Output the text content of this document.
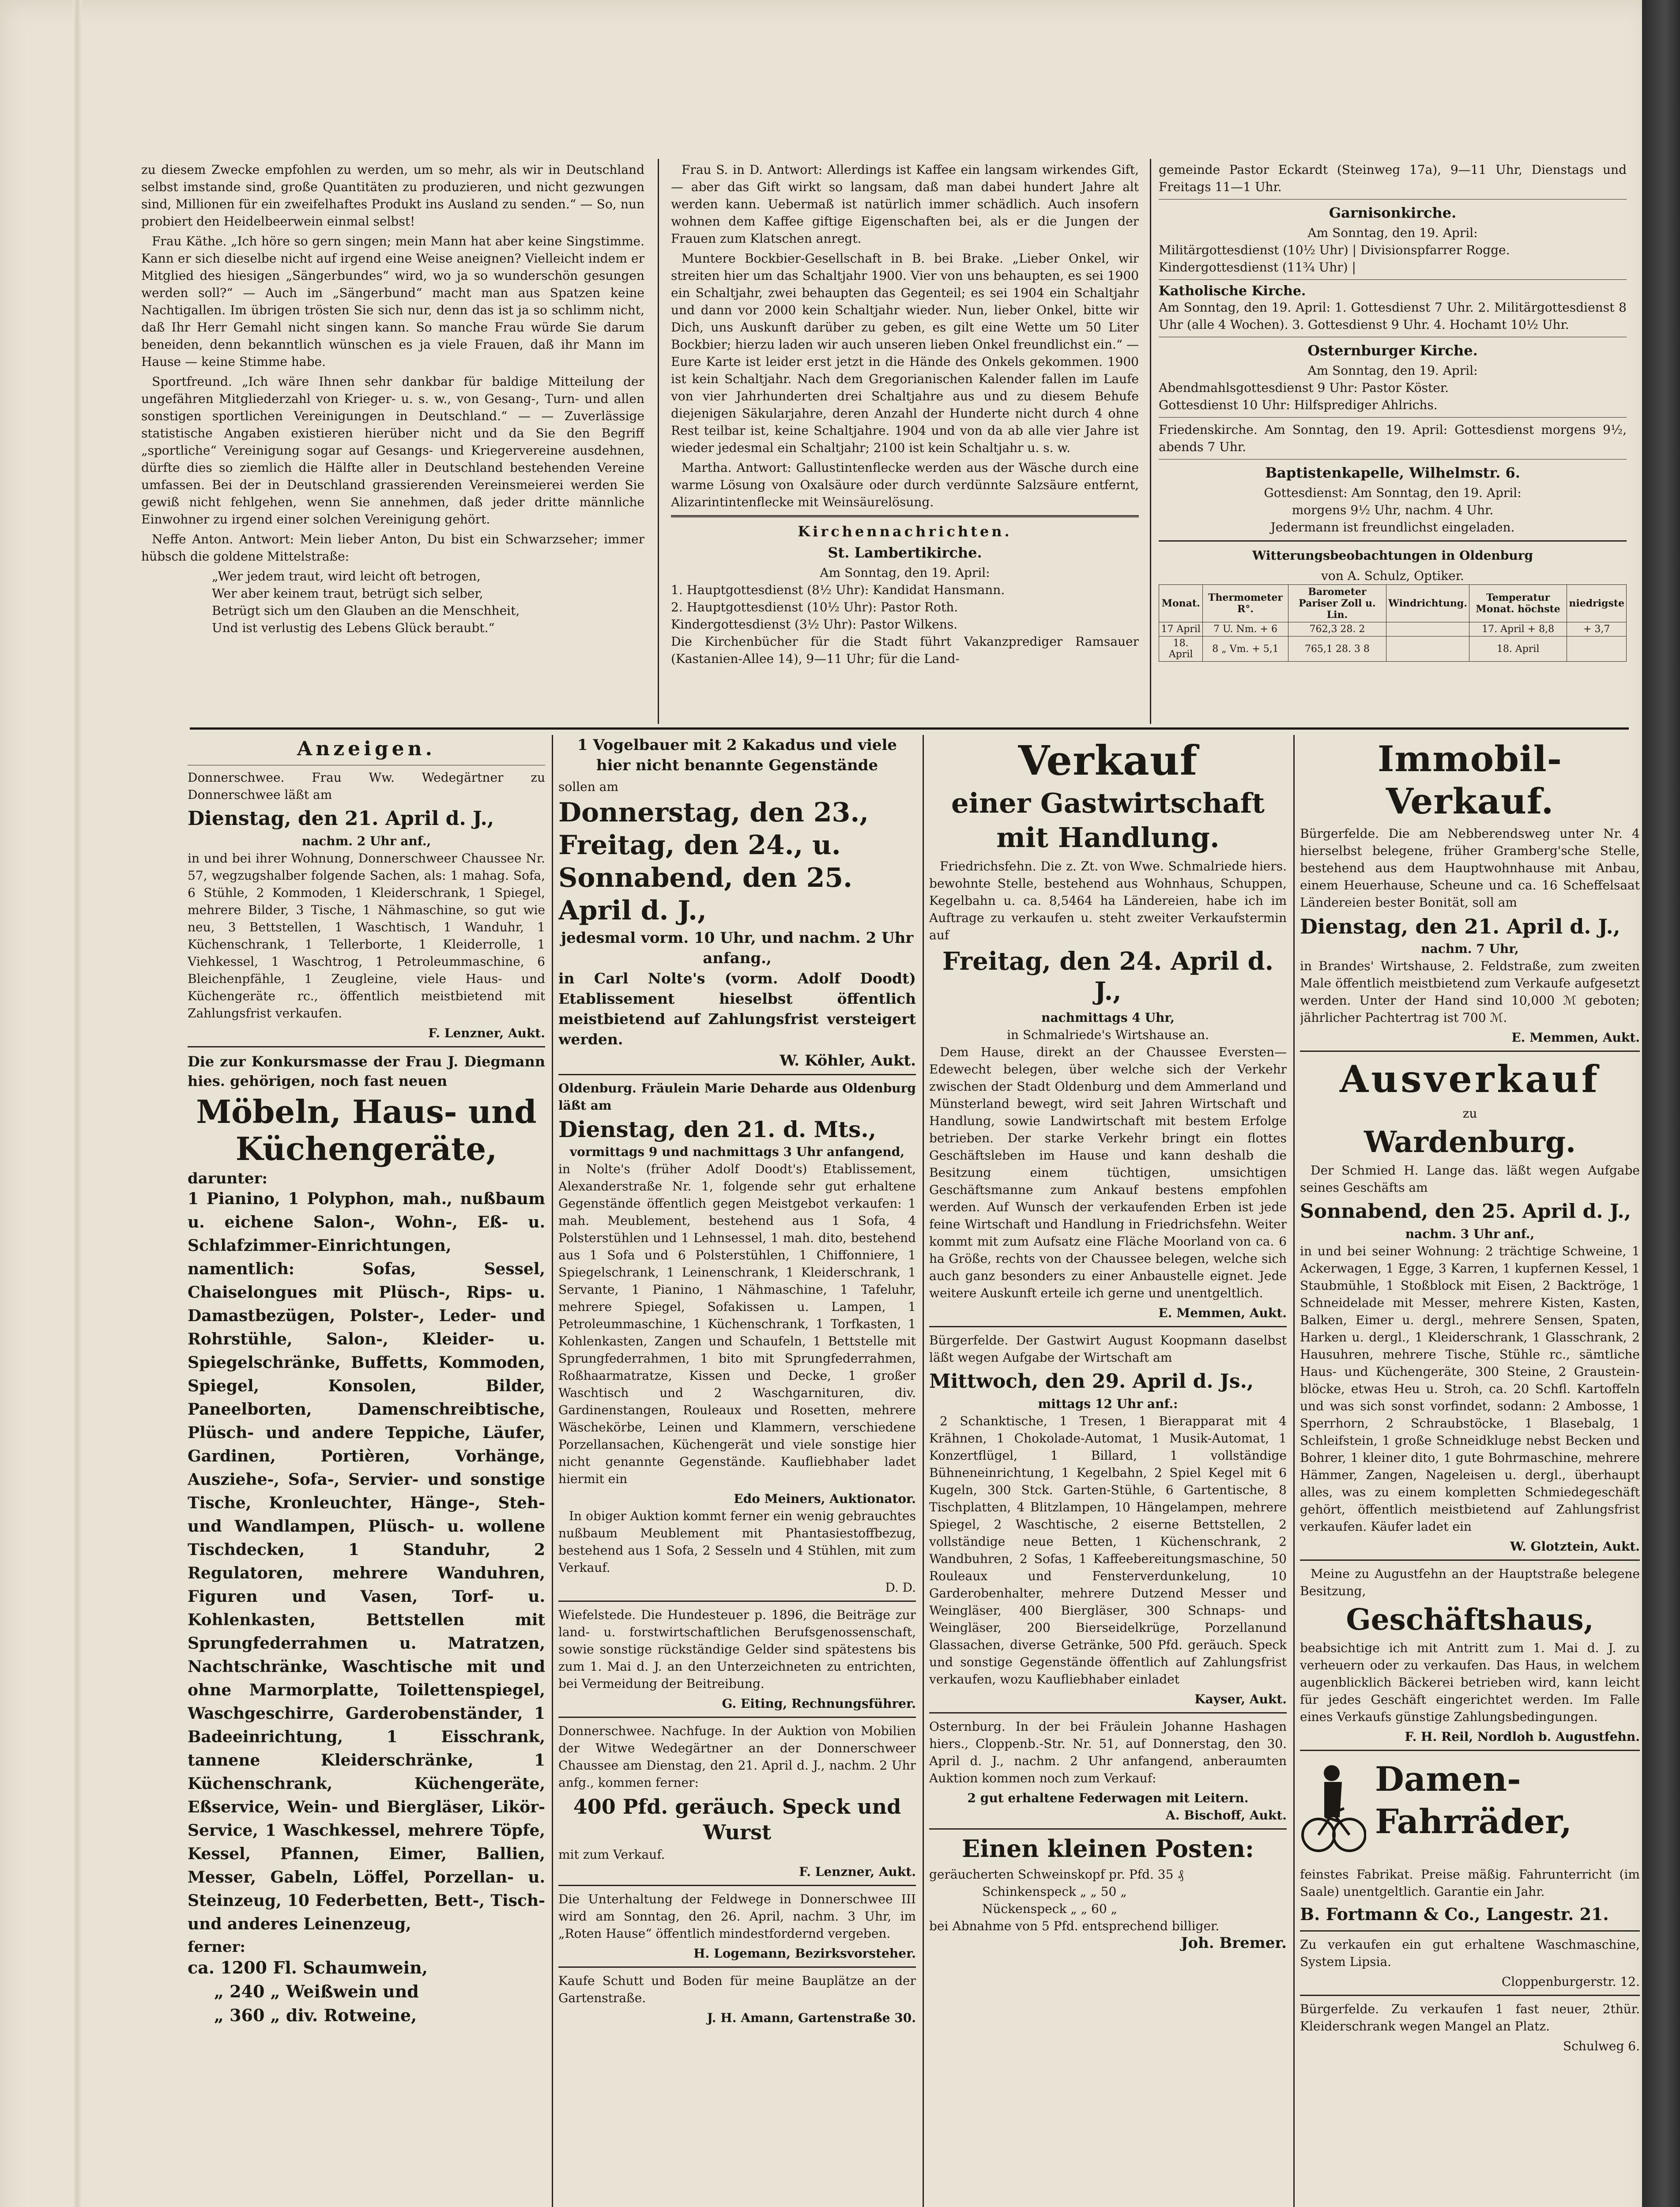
zu diesem Zwecke empfohlen zu werden, um so mehr, als wir in Deutschland selbst imstande sind, große Quantitäten zu produzieren, und nicht gezwungen sind, Millionen für ein zweifelhaftes Produkt ins Ausland zu senden.“ — So, nun probiert den Heidelbeerwein einmal selbst!

Frau Käthe. „Ich höre so gern singen; mein Mann hat aber keine Singstimme. Kann er sich dieselbe nicht auf irgend eine Weise aneignen? Vielleicht indem er Mitglied des hiesigen „Sängerbundes“ wird, wo ja so wunderschön gesungen werden soll?“ — Auch im „Sängerbund“ macht man aus Spatzen keine Nachtigallen. Im übrigen trösten Sie sich nur, denn das ist ja so schlimm nicht, daß Ihr Herr Gemahl nicht singen kann. So manche Frau würde Sie darum beneiden, denn bekanntlich wünschen es ja viele Frauen, daß ihr Mann im Hause — keine Stimme habe.

Sportfreund. „Ich wäre Ihnen sehr dankbar für baldige Mitteilung der ungefähren Mitgliederzahl von Krieger- u. s. w., von Gesang-, Turn- und allen sonstigen sportlichen Vereinigungen in Deutschland.“ — — Zuverlässige statistische Angaben existieren hierüber nicht und da Sie den Begriff „sportliche“ Vereinigung sogar auf Gesangs- und Kriegervereine ausdehnen, dürfte dies so ziemlich die Hälfte aller in Deutschland bestehenden Vereine umfassen. Bei der in Deutschland grassierenden Vereinsmeierei werden Sie gewiß nicht fehlgehen, wenn Sie annehmen, daß jeder dritte männliche Einwohner zu irgend einer solchen Vereinigung gehört.

Neffe Anton. Antwort: Mein lieber Anton, Du bist ein Schwarzseher; immer hübsch die goldene Mittelstraße:

„Wer jedem traut, wird leicht oft betrogen,

Wer aber keinem traut, betrügt sich selber,

Betrügt sich um den Glauben an die Menschheit,

Und ist verlustig des Lebens Glück beraubt.“

Frau S. in D. Antwort: Allerdings ist Kaffee ein langsam wirkendes Gift, — aber das Gift wirkt so langsam, daß man dabei hundert Jahre alt werden kann. Uebermaß ist natürlich immer schädlich. Auch insofern wohnen dem Kaffee giftige Eigenschaften bei, als er die Jungen der Frauen zum Klatschen anregt.

Muntere Bockbier-Gesellschaft in B. bei Brake. „Lieber Onkel, wir streiten hier um das Schaltjahr 1900. Vier von uns behaupten, es sei 1900 ein Schaltjahr, zwei behaupten das Gegenteil; es sei 1904 ein Schaltjahr und dann vor 2000 kein Schaltjahr wieder. Nun, lieber Onkel, bitte wir Dich, uns Auskunft darüber zu geben, es gilt eine Wette um 50 Liter Bockbier; hierzu laden wir auch unseren lieben Onkel freundlichst ein.“ — Eure Karte ist leider erst jetzt in die Hände des Onkels gekommen. 1900 ist kein Schaltjahr. Nach dem Gregorianischen Kalender fallen im Laufe von vier Jahrhunderten drei Schaltjahre aus und zu diesem Behufe diejenigen Säkularjahre, deren Anzahl der Hunderte nicht durch 4 ohne Rest teilbar ist, keine Schaltjahre. 1904 und von da ab alle vier Jahre ist wieder jedesmal ein Schaltjahr; 2100 ist kein Schaltjahr u. s. w.

Martha. Antwort: Gallustintenflecke werden aus der Wäsche durch eine warme Lösung von Oxalsäure oder durch verdünnte Salzsäure entfernt, Alizarintintenflecke mit Weinsäurelösung.

Kirchennachrichten.
St. Lambertikirche.

Am Sonntag, den 19. April:

1. Hauptgottesdienst (8½ Uhr): Kandidat Hansmann.

2. Hauptgottesdienst (10½ Uhr): Pastor Roth.

Kindergottesdienst (3½ Uhr): Pastor Wilkens.

Die Kirchenbücher für die Stadt führt Vakanzprediger Ramsauer (Kastanien-Allee 14), 9—11 Uhr; für die Land-

gemeinde Pastor Eckardt (Steinweg 17a), 9—11 Uhr, Dienstags und Freitags 11—1 Uhr.

Garnisonkirche.

Am Sonntag, den 19. April:

Militärgottesdienst (10½ Uhr) | Divisionspfarrer Rogge.

Kindergottesdienst (11¾ Uhr) |

Katholische Kirche.

Am Sonntag, den 19. April: 1. Gottesdienst 7 Uhr. 2. Militärgottesdienst 8 Uhr (alle 4 Wochen). 3. Gottesdienst 9 Uhr. 4. Hochamt 10½ Uhr.

Osternburger Kirche.

Am Sonntag, den 19. April:

Abendmahlsgottesdienst 9 Uhr: Pastor Köster.

Gottesdienst 10 Uhr: Hilfsprediger Ahlrichs.

Friedenskirche. Am Sonntag, den 19. April: Gottesdienst morgens 9½, abends 7 Uhr.

Baptistenkapelle, Wilhelmstr. 6.

Gottesdienst: Am Sonntag, den 19. April:

morgens 9½ Uhr, nachm. 4 Uhr.

Jedermann ist freundlichst eingeladen.

Witterungsbeobachtungen in Oldenburg

von A. Schulz, Optiker.

Monat.	Thermometer R°.	Barometer Pariser Zoll u. Lin.	Windrichtung.	Temperatur Monat. höchste	niedrigste
17 April	7 U. Nm. + 6	762,3 28. 2		17. April + 8,8	+ 3,7
18. April	8 „ Vm. + 5,1	765,1 28. 3 8		18. April	
Anzeigen.

Donnerschwee. Frau Ww. Wedegärtner zu Donnerschwee läßt am

Dienstag, den 21. April d. J.,

nachm. 2 Uhr anf.,

in und bei ihrer Wohnung, Donnerschweer Chaussee Nr. 57, wegzugshalber folgende Sachen, als: 1 mahag. Sofa, 6 Stühle, 2 Kommoden, 1 Kleiderschrank, 1 Spiegel, mehrere Bilder, 3 Tische, 1 Nähmaschine, so gut wie neu, 3 Bettstellen, 1 Waschtisch, 1 Wanduhr, 1 Küchenschrank, 1 Tellerborte, 1 Kleiderrolle, 1 Viehkessel, 1 Waschtrog, 1 Petroleummaschine, 6 Bleichenpfähle, 1 Zeugleine, viele Haus- und Küchengeräte rc., öffentlich meistbietend mit Zahlungsfrist verkaufen.

F. Lenzner, Aukt.

Die zur Konkursmasse der Frau J. Diegmann hies. gehörigen, noch fast neuen

Möbeln, Haus- und Küchengeräte,

darunter:

1 Pianino, 1 Polyphon, mah., nußbaum u. eichene Salon-, Wohn-, Eß- u. Schlafzimmer-Einrichtungen, namentlich: Sofas, Sessel, Chaiselongues mit Plüsch-, Rips- u. Damastbezügen, Polster-, Leder- und Rohrstühle, Salon-, Kleider- u. Spiegelschränke, Buffetts, Kommoden, Spiegel, Konsolen, Bilder, Paneelborten, Damenschreibtische, Plüsch- und andere Teppiche, Läufer, Gardinen, Portièren, Vorhänge, Ausziehe-, Sofa-, Servier- und sonstige Tische, Kronleuchter, Hänge-, Steh- und Wandlampen, Plüsch- u. wollene Tischdecken, 1 Standuhr, 2 Regulatoren, mehrere Wanduhren, Figuren und Vasen, Torf- u. Kohlenkasten, Bettstellen mit Sprungfederrahmen u. Matratzen, Nachtschränke, Waschtische mit und ohne Marmorplatte, Toilettenspiegel, Waschgeschirre, Garderobenständer, 1 Badeeinrichtung, 1 Eisschrank, tannene Kleiderschränke, 1 Küchenschrank, Küchengeräte, Eßservice, Wein- und Biergläser, Likör-Service, 1 Waschkessel, mehrere Töpfe, Kessel, Pfannen, Eimer, Ballien, Messer, Gabeln, Löffel, Porzellan- u. Steinzeug, 10 Federbetten, Bett-, Tisch- und anderes Leinenzeug,

ferner:

ca. 1200 Fl. Schaumwein,

„ 240 „ Weißwein und

„ 360 „ div. Rotweine,

1 Vogelbauer mit 2 Kakadus und viele hier nicht benannte Gegenstände

sollen am

Donnerstag, den 23., Freitag, den 24., u. Sonnabend, den 25. April d. J.,

jedesmal vorm. 10 Uhr, und nachm. 2 Uhr anfang.,

in Carl Nolte's (vorm. Adolf Doodt) Etablissement hieselbst öffentlich meistbietend auf Zahlungsfrist versteigert werden.

W. Köhler, Aukt.

Oldenburg. Fräulein Marie Deharde aus Oldenburg läßt am

Dienstag, den 21. d. Mts.,

vormittags 9 und nachmittags 3 Uhr anfangend,

in Nolte's (früher Adolf Doodt's) Etablissement, Alexanderstraße Nr. 1, folgende sehr gut erhaltene Gegenstände öffentlich gegen Meistgebot verkaufen: 1 mah. Meublement, bestehend aus 1 Sofa, 4 Polsterstühlen und 1 Lehnsessel, 1 mah. dito, bestehend aus 1 Sofa und 6 Polsterstühlen, 1 Chiffonniere, 1 Spiegelschrank, 1 Leinenschrank, 1 Kleiderschrank, 1 Servante, 1 Pianino, 1 Nähmaschine, 1 Tafeluhr, mehrere Spiegel, Sofakissen u. Lampen, 1 Petroleummaschine, 1 Küchenschrank, 1 Torfkasten, 1 Kohlenkasten, Zangen und Schaufeln, 1 Bettstelle mit Sprungfederrahmen, 1 bito mit Sprungfederrahmen, Roßhaarmatratze, Kissen und Decke, 1 großer Waschtisch und 2 Waschgarnituren, div. Gardinenstangen, Rouleaux und Rosetten, mehrere Wäschekörbe, Leinen und Klammern, verschiedene Porzellansachen, Küchengerät und viele sonstige hier nicht genannte Gegenstände. Kaufliebhaber ladet hiermit ein

Edo Meiners, Auktionator.

In obiger Auktion kommt ferner ein wenig gebrauchtes nußbaum Meublement mit Phantasiestoffbezug, bestehend aus 1 Sofa, 2 Sesseln und 4 Stühlen, mit zum Verkauf.

D. D.

Wiefelstede. Die Hundesteuer p. 1896, die Beiträge zur land- u. forstwirtschaftlichen Berufsgenossenschaft, sowie sonstige rückständige Gelder sind spätestens bis zum 1. Mai d. J. an den Unterzeichneten zu entrichten, bei Vermeidung der Beitreibung.

G. Eiting, Rechnungsführer.

Donnerschwee. Nachfuge. In der Auktion von Mobilien der Witwe Wedegärtner an der Donnerschweer Chaussee am Dienstag, den 21. April d. J., nachm. 2 Uhr anfg., kommen ferner:

400 Pfd. geräuch. Speck und Wurst

mit zum Verkauf.

F. Lenzner, Aukt.

Die Unterhaltung der Feldwege in Donnerschwee III wird am Sonntag, den 26. April, nachm. 3 Uhr, im „Roten Hause“ öffentlich mindestfordernd vergeben.

H. Logemann, Bezirksvorsteher.

Kaufe Schutt und Boden für meine Bauplätze an der Gartenstraße.

J. H. Amann, Gartenstraße 30.

Verkauf
einer Gastwirtschaft mit Handlung.

Friedrichsfehn. Die z. Zt. von Wwe. Schmalriede hiers. bewohnte Stelle, bestehend aus Wohnhaus, Schuppen, Kegelbahn u. ca. 8,5464 ha Ländereien, habe ich im Auftrage zu verkaufen u. steht zweiter Verkaufstermin auf

Freitag, den 24. April d. J.,

nachmittags 4 Uhr,

in Schmalriede's Wirtshause an.

Dem Hause, direkt an der Chaussee Eversten—Edewecht belegen, über welche sich der Verkehr zwischen der Stadt Oldenburg und dem Ammerland und Münsterland bewegt, wird seit Jahren Wirtschaft und Handlung, sowie Landwirtschaft mit bestem Erfolge betrieben. Der starke Verkehr bringt ein flottes Geschäftsleben im Hause und kann deshalb die Besitzung einem tüchtigen, umsichtigen Geschäftsmanne zum Ankauf bestens empfohlen werden. Auf Wunsch der verkaufenden Erben ist jede feine Wirtschaft und Handlung in Friedrichsfehn. Weiter kommt mit zum Aufsatz eine Fläche Moorland von ca. 6 ha Größe, rechts von der Chaussee belegen, welche sich auch ganz besonders zu einer Anbaustelle eignet. Jede weitere Auskunft erteile ich gerne und unentgeltlich.

E. Memmen, Aukt.

Bürgerfelde. Der Gastwirt August Koopmann daselbst läßt wegen Aufgabe der Wirtschaft am

Mittwoch, den 29. April d. Js.,

mittags 12 Uhr anf.:

2 Schanktische, 1 Tresen, 1 Bierapparat mit 4 Krähnen, 1 Chokolade-Automat, 1 Musik-Automat, 1 Konzertflügel, 1 Billard, 1 vollständige Bühneneinrichtung, 1 Kegelbahn, 2 Spiel Kegel mit 6 Kugeln, 300 Stck. Garten-Stühle, 6 Gartentische, 8 Tischplatten, 4 Blitzlampen, 10 Hängelampen, mehrere Spiegel, 2 Waschtische, 2 eiserne Bettstellen, 2 vollständige neue Betten, 1 Küchenschrank, 2 Wandbuhren, 2 Sofas, 1 Kaffeebereitungsmaschine, 50 Rouleaux und Fensterverdunkelung, 10 Garderobenhalter, mehrere Dutzend Messer und Weingläser, 400 Biergläser, 300 Schnaps- und Weingläser, 200 Bierseidelkrüge, Porzellanund Glassachen, diverse Getränke, 500 Pfd. geräuch. Speck und sonstige Gegenstände öffentlich auf Zahlungsfrist verkaufen, wozu Kaufliebhaber einladet

Kayser, Aukt.

Osternburg. In der bei Fräulein Johanne Hashagen hiers., Cloppenb.-Str. Nr. 51, auf Donnerstag, den 30. April d. J., nachm. 2 Uhr anfangend, anberaumten Auktion kommen noch zum Verkauf:

2 gut erhaltene Federwagen mit Leitern.

A. Bischoff, Aukt.

Einen kleinen Posten:

geräucherten Schweinskopf pr. Pfd. 35 ₰

Schinkenspeck „ „ 50 „

Nückenspeck „ „ 60 „

bei Abnahme von 5 Pfd. entsprechend billiger.

Joh. Bremer.

Immobil-Verkauf.

Bürgerfelde. Die am Nebberendsweg unter Nr. 4 hierselbst belegene, früher Gramberg'sche Stelle, bestehend aus dem Hauptwohnhause mit Anbau, einem Heuerhause, Scheune und ca. 16 Scheffelsaat Ländereien bester Bonität, soll am

Dienstag, den 21. April d. J.,

nachm. 7 Uhr,

in Brandes' Wirtshause, 2. Feldstraße, zum zweiten Male öffentlich meistbietend zum Verkaufe aufgesetzt werden. Unter der Hand sind 10,000 ℳ geboten; jährlicher Pachtertrag ist 700 ℳ.

E. Memmen, Aukt.

Ausverkauf

zu

Wardenburg.

Der Schmied H. Lange das. läßt wegen Aufgabe seines Geschäfts am

Sonnabend, den 25. April d. J.,

nachm. 3 Uhr anf.,

in und bei seiner Wohnung: 2 trächtige Schweine, 1 Ackerwagen, 1 Egge, 3 Karren, 1 kupfernen Kessel, 1 Staubmühle, 1 Stoßblock mit Eisen, 2 Backtröge, 1 Schneidelade mit Messer, mehrere Kisten, Kasten, Balken, Eimer u. dergl., mehrere Sensen, Spaten, Harken u. dergl., 1 Kleiderschrank, 1 Glasschrank, 2 Hausuhren, mehrere Tische, Stühle rc., sämtliche Haus- und Küchengeräte, 300 Steine, 2 Graustein-blöcke, etwas Heu u. Stroh, ca. 20 Schfl. Kartoffeln und was sich sonst vorfindet, sodann: 2 Ambosse, 1 Sperrhorn, 2 Schraubstöcke, 1 Blasebalg, 1 Schleifstein, 1 große Schneidkluge nebst Becken und Bohrer, 1 kleiner dito, 1 gute Bohrmaschine, mehrere Hämmer, Zangen, Nageleisen u. dergl., überhaupt alles, was zu einem kompletten Schmiedegeschäft gehört, öffentlich meistbietend auf Zahlungsfrist verkaufen. Käufer ladet ein

W. Glotztein, Aukt.

Meine zu Augustfehn an der Hauptstraße belegene Besitzung,

Geschäftshaus,

beabsichtige ich mit Antritt zum 1. Mai d. J. zu verheuern oder zu verkaufen. Das Haus, in welchem augenblicklich Bäckerei betrieben wird, kann leicht für jedes Geschäft eingerichtet werden. Im Falle eines Verkaufs günstige Zahlungsbedingungen.

F. H. Reil, Nordloh b. Augustfehn.

Damen-Fahrräder,

feinstes Fabrikat. Preise mäßig. Fahrunterricht (im Saale) unentgeltlich. Garantie ein Jahr.

B. Fortmann & Co., Langestr. 21.

Zu verkaufen ein gut erhaltene Waschmaschine, System Lipsia.

Cloppenburgerstr. 12.

Bürgerfelde. Zu verkaufen 1 fast neuer, 2thür. Kleiderschrank wegen Mangel an Platz.

Schulweg 6.
